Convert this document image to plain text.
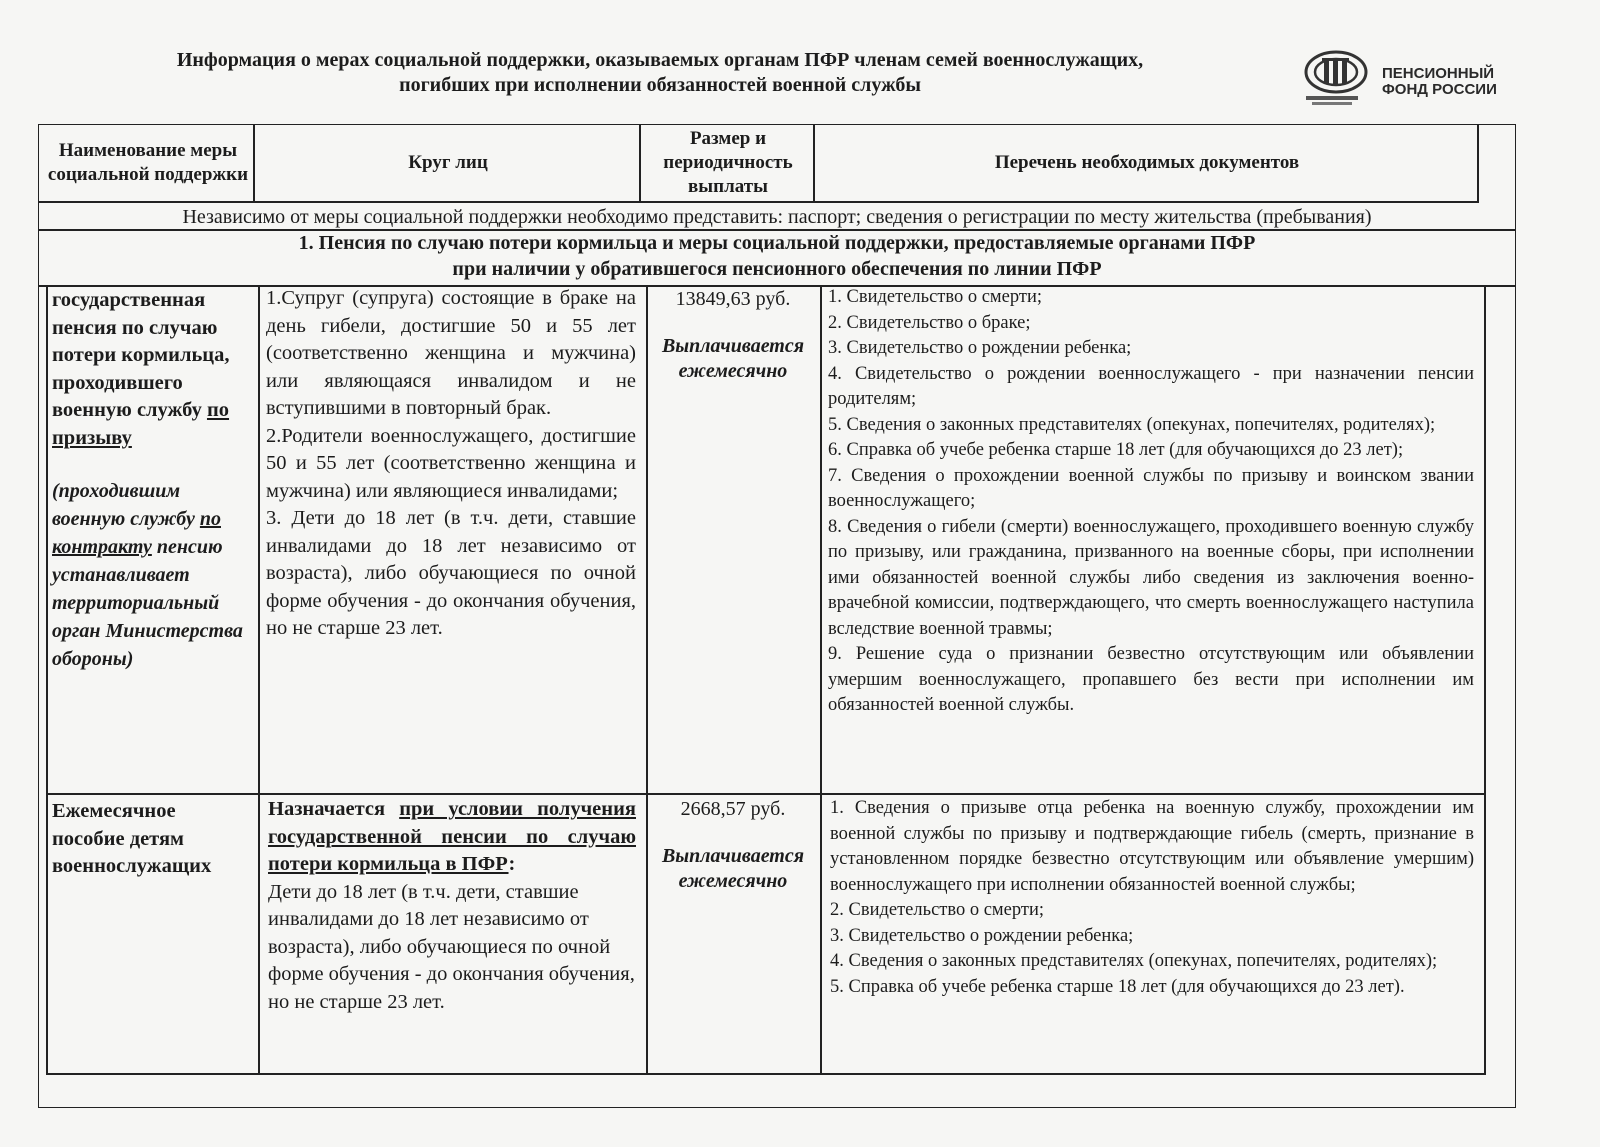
Информация о мерах социальной поддержки, оказываемых органам ПФР членам семей военнослужащих,
погибших при исполнении обязанностей военной службы
ПЕНСИОННЫЙ
ФОНД РОССИИ
Наименование меры социальной поддержки
Круг лиц
Размер и периодичность выплаты
Перечень необходимых документов
Независимо от меры социальной поддержки необходимо представить: паспорт; сведения о регистрации по месту жительства (пребывания)
1. Пенсия по случаю потери кормильца и меры социальной поддержки, предоставляемые органами ПФР
при наличии у обратившегося пенсионного обеспечения по линии ПФР
государственная пенсия по случаю потери кормильца, проходившего военную службу по призыву
(проходившим военную службу по контракту пенсию устанавливает территориальный орган Министерства обороны)

1.Супруг (супруга) состоящие в браке на день гибели, достигшие 50 и 55 лет (соответственно женщина и мужчина) или являющаяся инвалидом и не вступившими в повторный брак.

2.Родители военнослужащего, достигшие 50 и 55 лет (соответственно женщина и мужчина) или являющиеся инвалидами;

3. Дети до 18 лет (в т.ч. дети, ставшие инвалидами до 18 лет независимо от возраста), либо обучающиеся по очной форме обучения - до окончания обучения, но не старше 23 лет.

13849,63 руб.
Выплачивается ежемесячно

1. Свидетельство о смерти;

2. Свидетельство о браке;

3. Свидетельство о рождении ребенка;

4. Свидетельство о рождении военнослужащего - при назначении пенсии родителям;

5. Сведения о законных представителях (опекунах, попечителях, родителях);

6. Справка об учебе ребенка старше 18 лет (для обучающихся до 23 лет);

7. Сведения о прохождении военной службы по призыву и воинском звании военнослужащего;

8. Сведения о гибели (смерти) военнослужащего, проходившего военную службу по призыву, или гражданина, призванного на военные сборы, при исполнении ими обязанностей военной службы либо сведения из заключения военно-врачебной комиссии, подтверждающего, что смерть военнослужащего наступила вследствие военной травмы;

9. Решение суда о признании безвестно отсутствующим или объявлении умершим военнослужащего, пропавшего без вести при исполнении им обязанностей военной службы.

Ежемесячное пособие детям военнослужащих

Назначается при условии получения государственной пенсии по случаю потери кормильца в ПФР:

Дети до 18 лет (в т.ч. дети, ставшие инвалидами до 18 лет независимо от возраста), либо обучающиеся по очной форме обучения - до окончания обучения, но не старше 23 лет.

2668,57 руб.
Выплачивается ежемесячно

1. Сведения о призыве отца ребенка на военную службу, прохождении им военной службы по призыву и подтверждающие гибель (смерть, признание в установленном порядке безвестно отсутствующим или объявление умершим) военнослужащего при исполнении обязанностей военной службы;

2. Свидетельство о смерти;

3. Свидетельство о рождении ребенка;

4. Сведения о законных представителях (опекунах, попечителях, родителях);

5. Справка об учебе ребенка старше 18 лет (для обучающихся до 23 лет).
